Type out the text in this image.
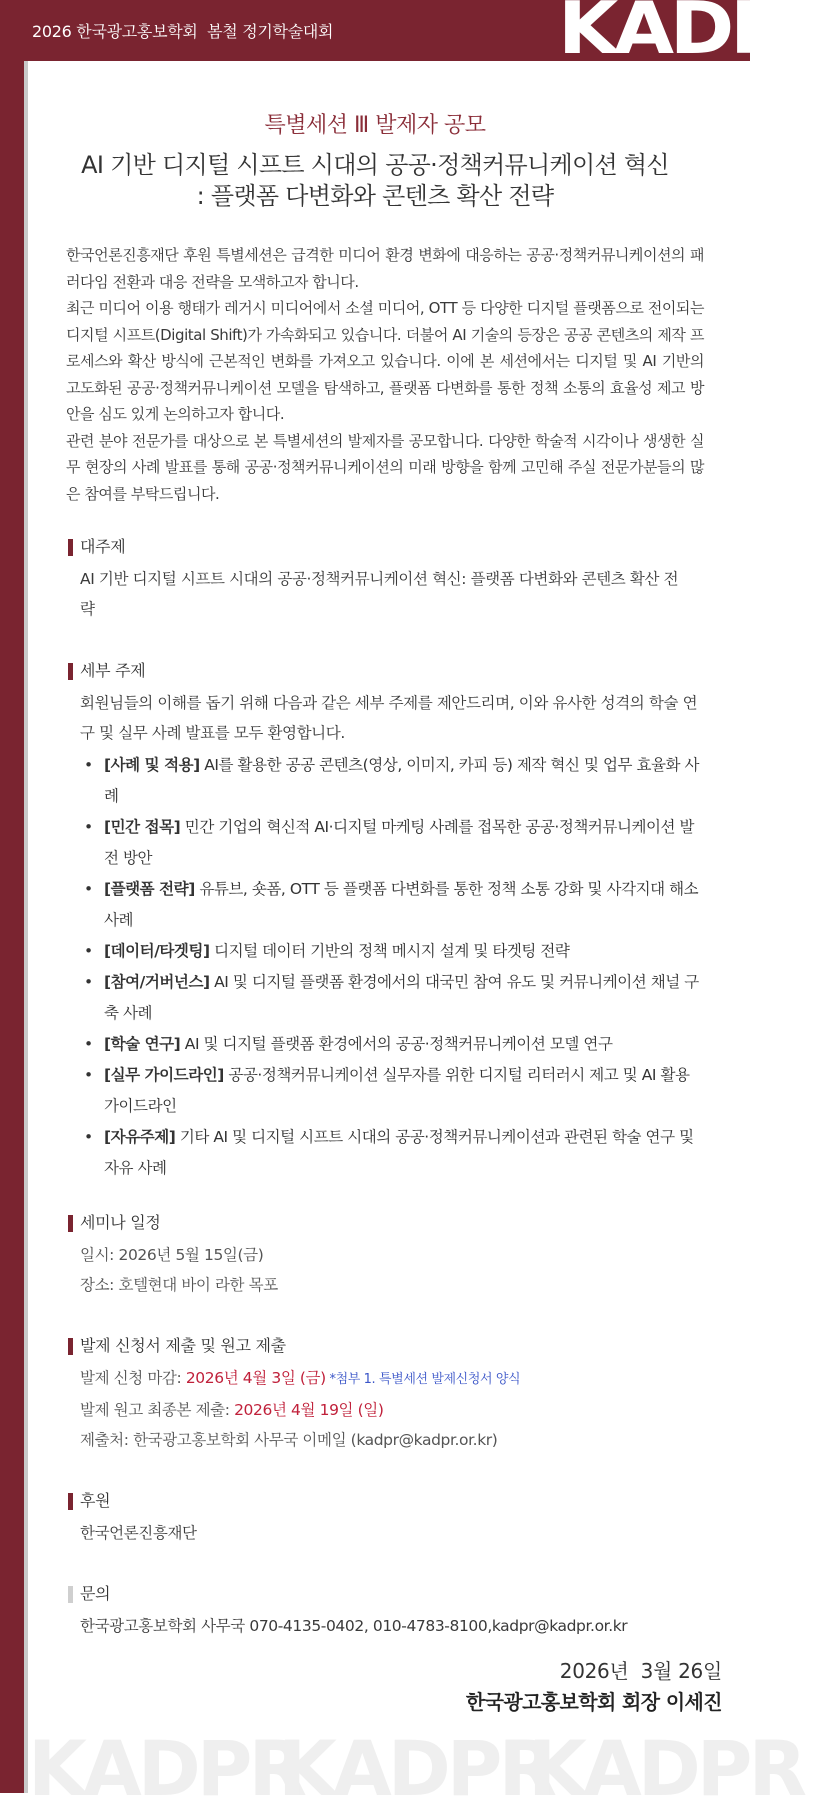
2026 한국광고홍보학회  봄철 정기학술대회	KADPR
특별세션 Ⅲ 발제자 공모
AI 기반 디지털 시프트 시대의 공공·정책커뮤니케이션 혁신
: 플랫폼 다변화와 콘텐츠 확산 전략

한국언론진흥재단 후원 특별세션은 급격한 미디어 환경 변화에 대응하는 공공·정책커뮤니케이션의 패러다임 전환과 대응 전략을 모색하고자 합니다.

최근 미디어 이용 행태가 레거시 미디어에서 소셜 미디어, OTT 등 다양한 디지털 플랫폼으로 전이되는 디지털 시프트(Digital Shift)가 가속화되고 있습니다. 더불어 AI 기술의 등장은 공공 콘텐츠의 제작 프로세스와 확산 방식에 근본적인 변화를 가져오고 있습니다. 이에 본 세션에서는 디지털 및 AI 기반의 고도화된 공공·정책커뮤니케이션 모델을 탐색하고, 플랫폼 다변화를 통한 정책 소통의 효율성 제고 방안을 심도 있게 논의하고자 합니다.

관련 분야 전문가를 대상으로 본 특별세션의 발제자를 공모합니다. 다양한 학술적 시각이나 생생한 실무 현장의 사례 발표를 통해 공공·정책커뮤니케이션의 미래 방향을 함께 고민해 주실 전문가분들의 많은 참여를 부탁드립니다.

대주제
AI 기반 디지털 시프트 시대의 공공·정책커뮤니케이션 혁신: 플랫폼 다변화와 콘텐츠 확산 전략
세부 주제
회원님들의 이해를 돕기 위해 다음과 같은 세부 주제를 제안드리며, 이와 유사한 성격의 학술 연구 및 실무 사례 발표를 모두 환영합니다.
• [사례 및 적용] AI를 활용한 공공 콘텐츠(영상, 이미지, 카피 등) 제작 혁신 및 업무 효율화 사례
• [민간 접목] 민간 기업의 혁신적 AI·디지털 마케팅 사례를 접목한 공공·정책커뮤니케이션 발전 방안
• [플랫폼 전략] 유튜브, 숏폼, OTT 등 플랫폼 다변화를 통한 정책 소통 강화 및 사각지대 해소 사례
• [데이터/타겟팅] 디지털 데이터 기반의 정책 메시지 설계 및 타겟팅 전략
• [참여/거버넌스] AI 및 디지털 플랫폼 환경에서의 대국민 참여 유도 및 커뮤니케이션 채널 구축 사례
• [학술 연구] AI 및 디지털 플랫폼 환경에서의 공공·정책커뮤니케이션 모델 연구
• [실무 가이드라인] 공공·정책커뮤니케이션 실무자를 위한 디지털 리터러시 제고 및 AI 활용 가이드라인
• [자유주제] 기타 AI 및 디지털 시프트 시대의 공공·정책커뮤니케이션과 관련된 학술 연구 및 자유 사례
세미나 일정
일시: 2026년 5월 15일(금)
장소: 호텔현대 바이 라한 목포
발제 신청서 제출 및 원고 제출
발제 신청 마감: 2026년 4월 3일 (금) *첨부 1. 특별세션 발제신청서 양식
발제 원고 최종본 제출: 2026년 4월 19일 (일)
제출처: 한국광고홍보학회 사무국 이메일 (kadpr@kadpr.or.kr)
후원
한국언론진흥재단
문의
한국광고홍보학회 사무국 070-4135-0402, 010-4783-8100,kadpr@kadpr.or.kr
2026년  3월 26일
한국광고홍보학회 회장 이세진
KADPR
KADPR
KADPR
